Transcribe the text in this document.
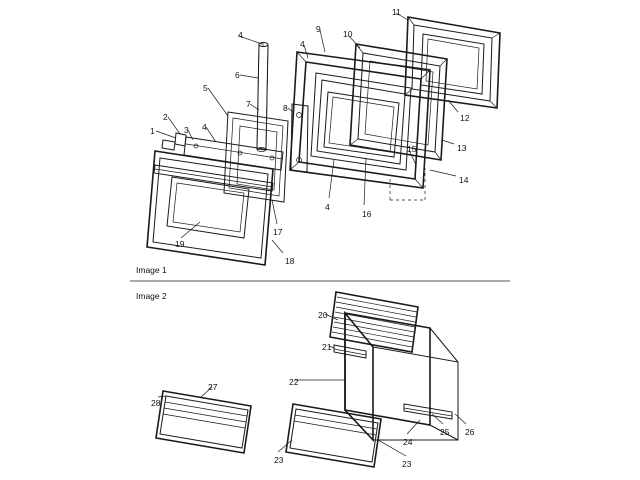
Image 1
Image 2
1
2
3 4
4
4
4
5
6
7	8
9	10
11
12
13
14
15
16
17
18
19
20
21
22
23	23
24
25 26
27
28
